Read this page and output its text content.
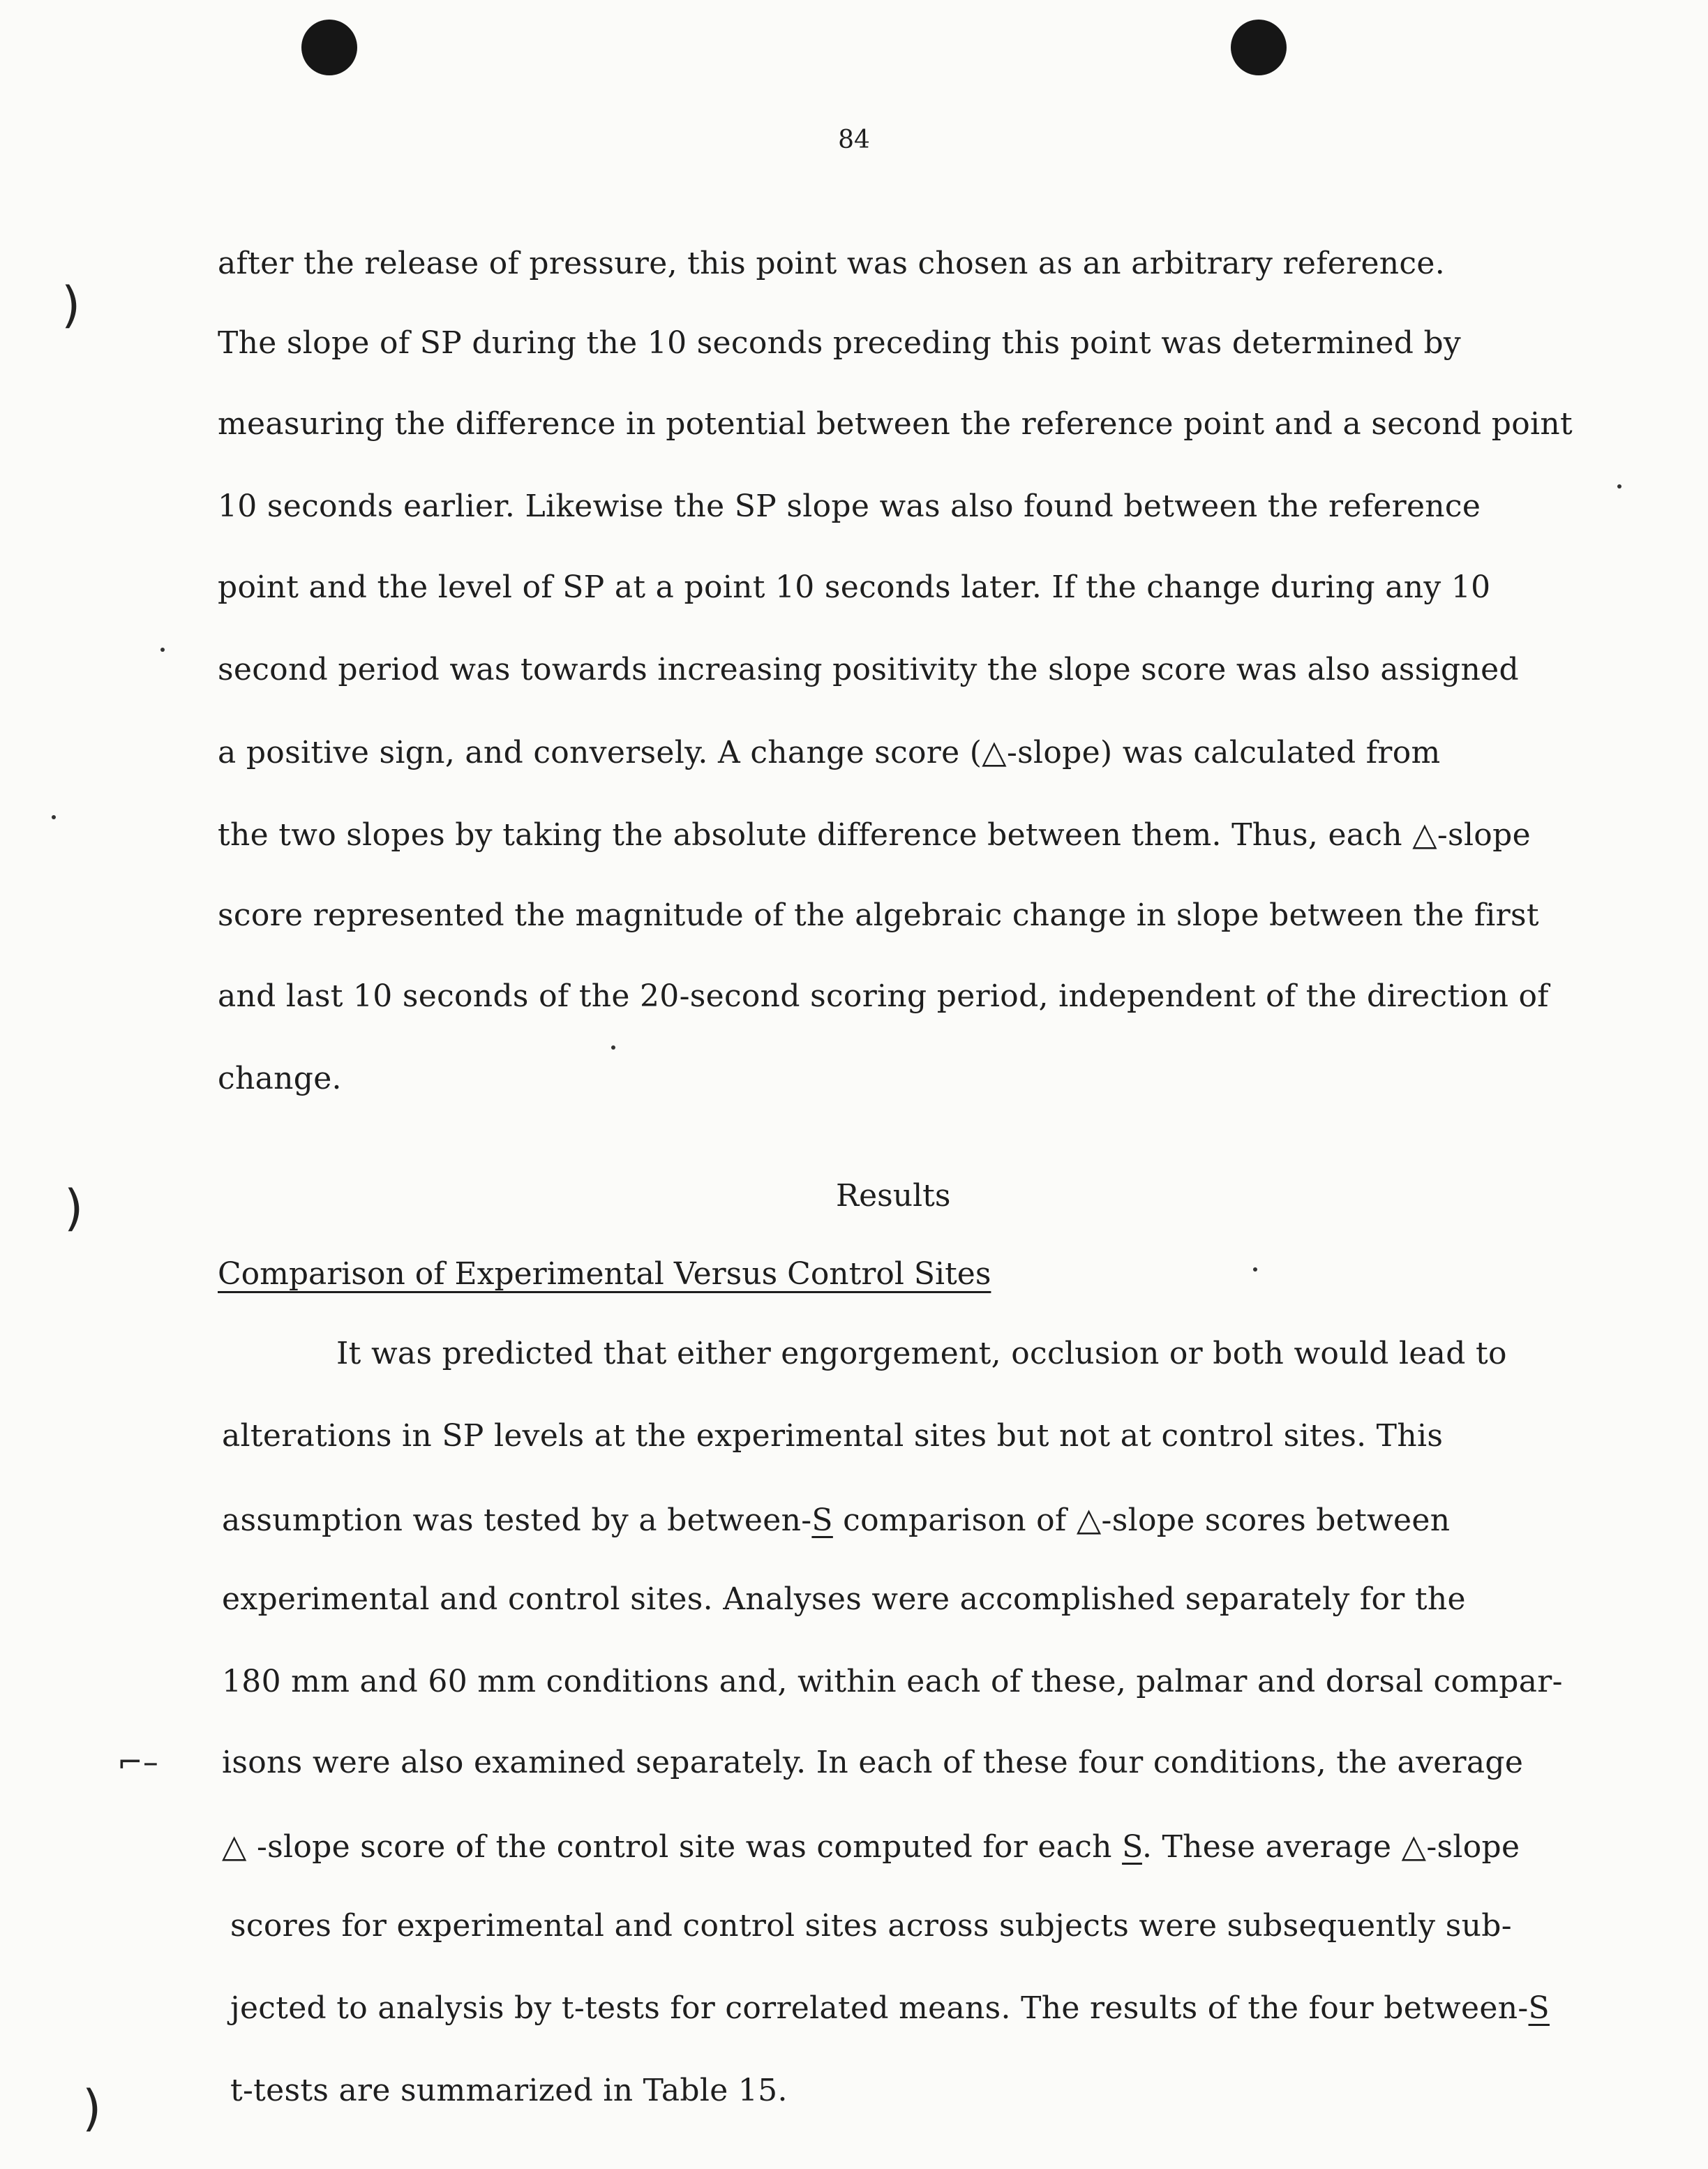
)
)
)
⌐–
84
after the release of pressure, this point was chosen as an arbitrary reference.
The slope of SP during the 10 seconds preceding this point was determined by
measuring the difference in potential between the reference point and a second point
10 seconds earlier. Likewise the SP slope was also found between the reference
point and the level of SP at a point 10 seconds later. If the change during any 10
second period was towards increasing positivity the slope score was also assigned
a positive sign, and conversely. A change score (△-slope) was calculated from
the two slopes by taking the absolute difference between them. Thus, each △-slope
score represented the magnitude of the algebraic change in slope between the first
and last 10 seconds of the 20-second scoring period, independent of the direction of
change.
Results
Comparison of Experimental Versus Control Sites
It was predicted that either engorgement, occlusion or both would lead to
alterations in SP levels at the experimental sites but not at control sites. This
assumption was tested by a between-S comparison of △-slope scores between
experimental and control sites. Analyses were accomplished separately for the
180 mm and 60 mm conditions and, within each of these, palmar and dorsal compar-
isons were also examined separately. In each of these four conditions, the average
△ -slope score of the control site was computed for each S. These average △-slope
scores for experimental and control sites across subjects were subsequently sub-
jected to analysis by t-tests for correlated means. The results of the four between-S
t-tests are summarized in Table 15.
